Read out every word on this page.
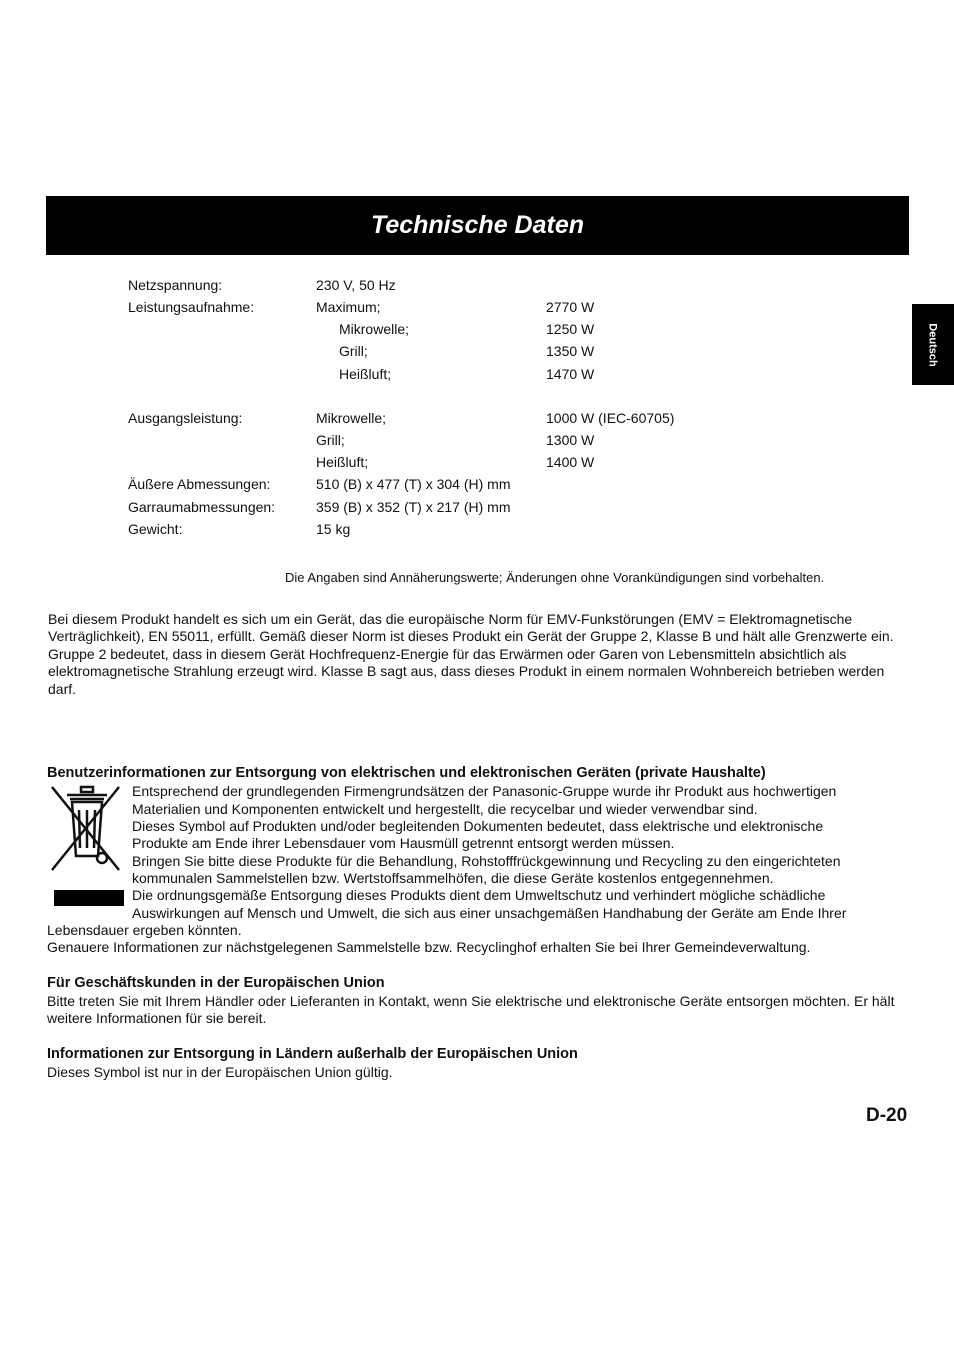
Technische Daten
Deutsch
Netzspannung:	230 V, 50 Hz
Leistungsaufnahme:	Maximum;	2770 W
Mikrowelle;	1250 W
Grill;	1350 W
Heißluft;	1470 W
Ausgangsleistung:	Mikrowelle;	1000 W (IEC-60705)
Grill;	1300 W
Heißluft;	1400 W
Äußere Abmessungen:	510 (B) x 477 (T) x 304 (H) mm
Garraumabmessungen:	359 (B) x 352 (T) x 217 (H) mm
Gewicht:	15 kg
Die Angaben sind Annäherungswerte; Änderungen ohne Vorankündigungen sind vorbehalten.
Bei diesem Produkt handelt es sich um ein Gerät, das die europäische Norm für EMV-Funkstörungen (EMV = Elektromagnetische Verträglichkeit), EN 55011, erfüllt. Gemäß dieser Norm ist dieses Produkt ein Gerät der Gruppe 2, Klasse B und hält alle Grenzwerte ein. Gruppe 2 bedeutet, dass in diesem Gerät Hochfrequenz-Energie für das Erwärmen oder Garen von Lebensmitteln absichtlich als elektromagnetische Strahlung erzeugt wird. Klasse B sagt aus, dass dieses Produkt in einem normalen Wohnbereich betrieben werden darf.
Benutzerinformationen zur Entsorgung von elektrischen und elektronischen Geräten (private Haushalte)
Entsprechend der grundlegenden Firmengrundsätzen der Panasonic-Gruppe wurde ihr Produkt aus hochwertigen
Materialien und Komponenten entwickelt und hergestellt, die recycelbar und wieder verwendbar sind.
Dieses Symbol auf Produkten und/oder begleitenden Dokumenten bedeutet, dass elektrische und elektronische
Produkte am Ende ihrer Lebensdauer vom Hausmüll getrennt entsorgt werden müssen.
Bringen Sie bitte diese Produkte für die Behandlung, Rohstofffrückgewinnung und Recycling zu den eingerichteten
kommunalen Sammelstellen bzw. Wertstoffsammelhöfen, die diese Geräte kostenlos entgegennehmen.
Die ordnungsgemäße Entsorgung dieses Produkts dient dem Umweltschutz und verhindert mögliche schädliche
Auswirkungen auf Mensch und Umwelt, die sich aus einer unsachgemäßen Handhabung der Geräte am Ende Ihrer
Lebensdauer ergeben könnten.
Genauere Informationen zur nächstgelegenen Sammelstelle bzw. Recyclinghof erhalten Sie bei Ihrer Gemeindeverwaltung.
Für Geschäftskunden in der Europäischen Union
Bitte treten Sie mit Ihrem Händler oder Lieferanten in Kontakt, wenn Sie elektrische und elektronische Geräte entsorgen möchten. Er hält weitere Informationen für sie bereit.
Informationen zur Entsorgung in Ländern außerhalb der Europäischen Union
Dieses Symbol ist nur in der Europäischen Union gültig.
D-20
